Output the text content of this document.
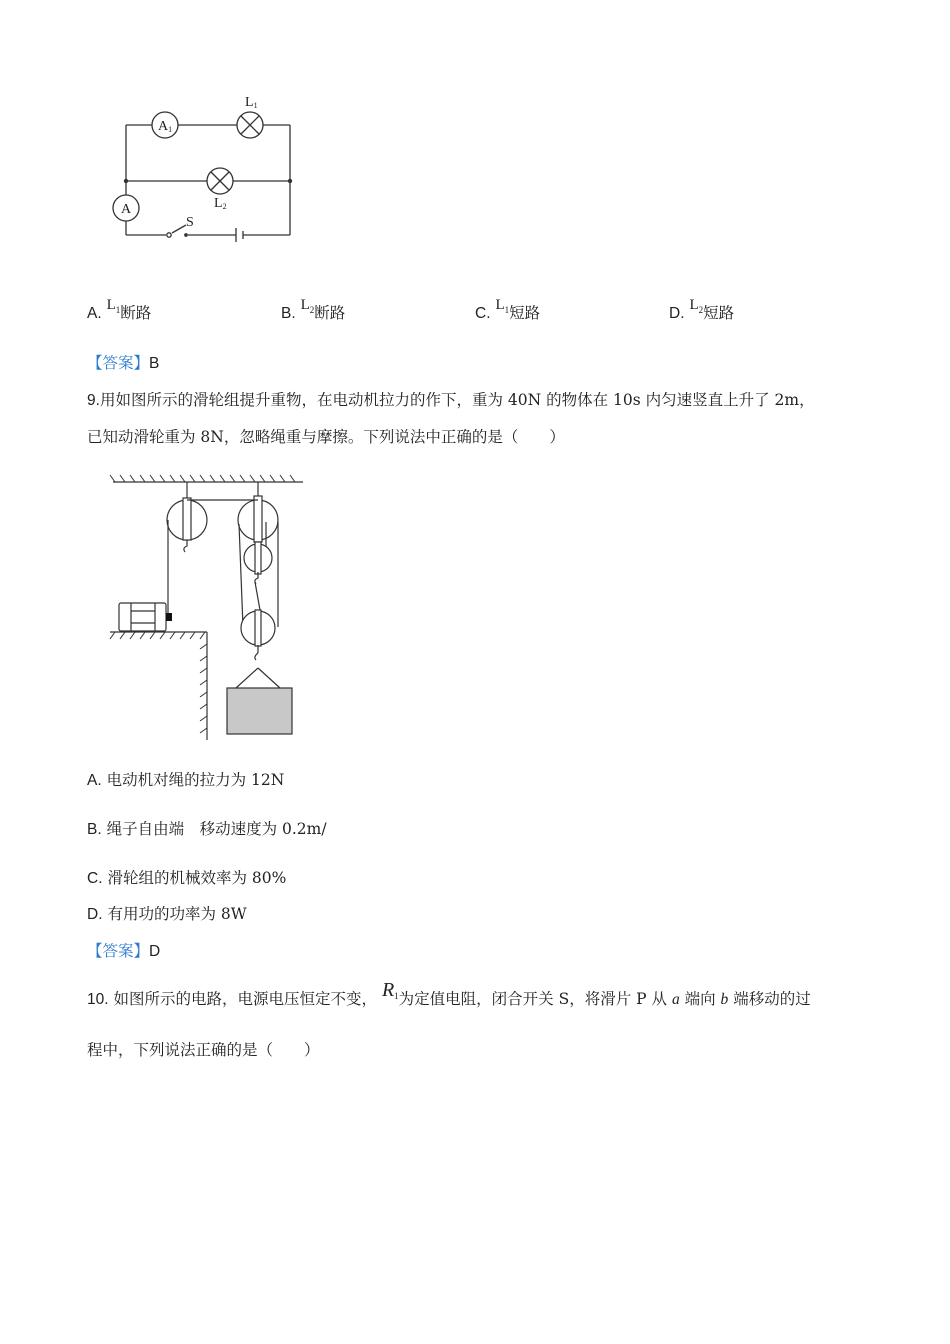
A1
A
L1
L2
S
A. $L^1$断路	B. $L^2$断路	C. $L^1$短路	D. $L^2$短路
【答案】B
9.用如图所示的滑轮组提升重物，在电动机拉力的作下，重为 40N 的物体在 10s 内匀速竖直上升了 2m，
已知动滑轮重为 8N，忽略绳重与摩擦。下列说法中正确的是（　　）
A. 电动机对绳的拉力为 12N
B. 绳子自由端　移动速度为 0.2m/
C. 滑轮组的机械效率为 80%
D. 有用功的功率为 8W
【答案】D
10. 如图所示的电路，电源电压恒定不变， $R^1$为定值电阻，闭合开关 S，将滑片 P 从 a 端向 b 端移动的过
程中，下列说法正确的是（　　）
